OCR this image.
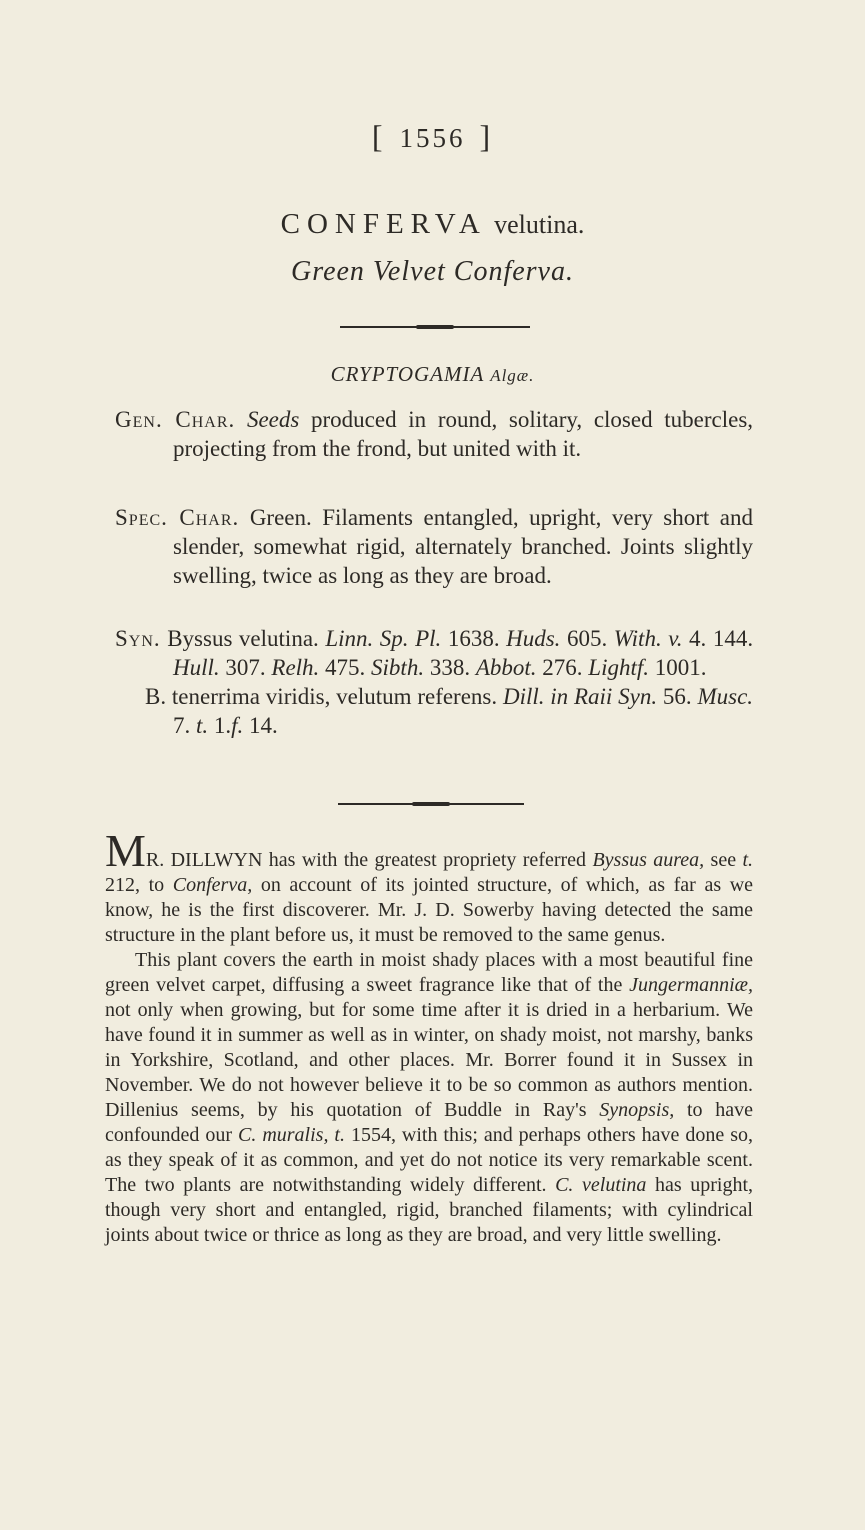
[ 1556 ]
CONFERVA velutina.
Green Velvet Conferva.
CRYPTOGAMIA Algæ.

Gen. Char. Seeds produced in round, solitary, closed tubercles, projecting from the frond, but united with it.

Spec. Char. Green. Filaments entangled, upright, very short and slender, somewhat rigid, alternately branched. Joints slightly swelling, twice as long as they are broad.

Syn. Byssus velutina. Linn. Sp. Pl. 1638. Huds. 605. With. v. 4. 144. Hull. 307. Relh. 475. Sibth. 338. Abbot. 276. Lightf. 1001.

B. tenerrima viridis, velutum referens. Dill. in Raii Syn. 56. Musc. 7. t. 1.f. 14.

MR. DILLWYN has with the greatest propriety referred Byssus aurea, see t. 212, to Conferva, on account of its jointed structure, of which, as far as we know, he is the first discoverer. Mr. J. D. Sowerby having detected the same structure in the plant before us, it must be removed to the same genus.

This plant covers the earth in moist shady places with a most beautiful fine green velvet carpet, diffusing a sweet fragrance like that of the Jungermanniæ, not only when growing, but for some time after it is dried in a herbarium. We have found it in summer as well as in winter, on shady moist, not marshy, banks in Yorkshire, Scotland, and other places. Mr. Borrer found it in Sussex in November. We do not however believe it to be so common as authors mention. Dillenius seems, by his quotation of Buddle in Ray's Synopsis, to have confounded our C. muralis, t. 1554, with this; and perhaps others have done so, as they speak of it as common, and yet do not notice its very remarkable scent. The two plants are notwithstanding widely different. C. velutina has upright, though very short and entangled, rigid, branched filaments; with cylindrical joints about twice or thrice as long as they are broad, and very little swelling.
